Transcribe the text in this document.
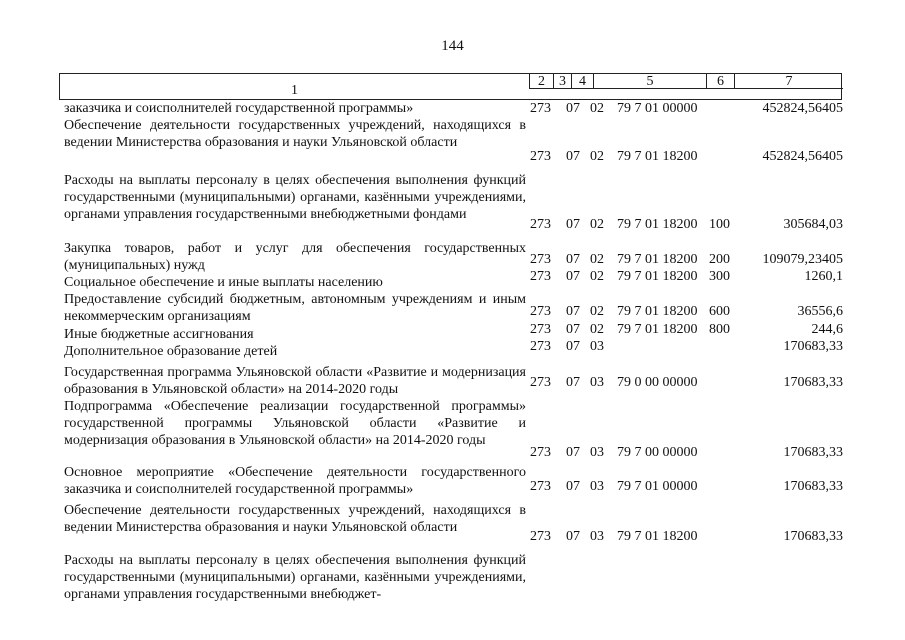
144
1
2	3 4	5	6	7
заказчика и соисполнителей государственной программы»	273 07 02 79 7 01 00000	452824,56405
Обеспечение деятельности государственных учреждений, находящихся в ведении Министерства образования и науки Ульяновской области
273 07 02 79 7 01 18200	452824,56405
Расходы на выплаты персоналу в целях обеспечения выполнения функций государственными (муниципальными) органами, казёнными учреждениями, органами управления государственными внебюджетными фондами
273 07 02 79 7 01 18200 100	305684,03
Закупка товаров, работ и услуг для обеспечения государственных (муниципальных) нужд	273 07 02 79 7 01 18200 200 109079,23405
Социальное обеспечение и иные выплаты населению	273 07 02 79 7 01 18200 300	1260,1
Предоставление субсидий бюджетным, автономным учреждениям и иным некоммерческим организациям	273 07 02 79 7 01 18200 600	36556,6
Иные бюджетные ассигнования	273 07 02 79 7 01 18200 800	244,6
Дополнительное образование детей	273 07 03	170683,33
Государственная программа Ульяновской области «Развитие и модернизация образования в Ульяновской области» на 2014-2020 годы	273 07 03 79 0 00 00000	170683,33
Подпрограмма «Обеспечение реализации государственной программы» государственной программы Ульяновской области «Развитие и модернизация образования в Ульяновской области» на 2014-2020 годы
273 07 03 79 7 00 00000	170683,33
Основное мероприятие «Обеспечение деятельности государственного заказчика и соисполнителей государственной программы»	273 07 03 79 7 01 00000	170683,33
Обеспечение деятельности государственных учреждений, находящихся в ведении Министерства образования и науки Ульяновской области
273 07 03 79 7 01 18200	170683,33
Расходы на выплаты персоналу в целях обеспечения выполнения функций государственными (муниципальными) органами, казёнными учреждениями, органами управления государственными внебюджет-
